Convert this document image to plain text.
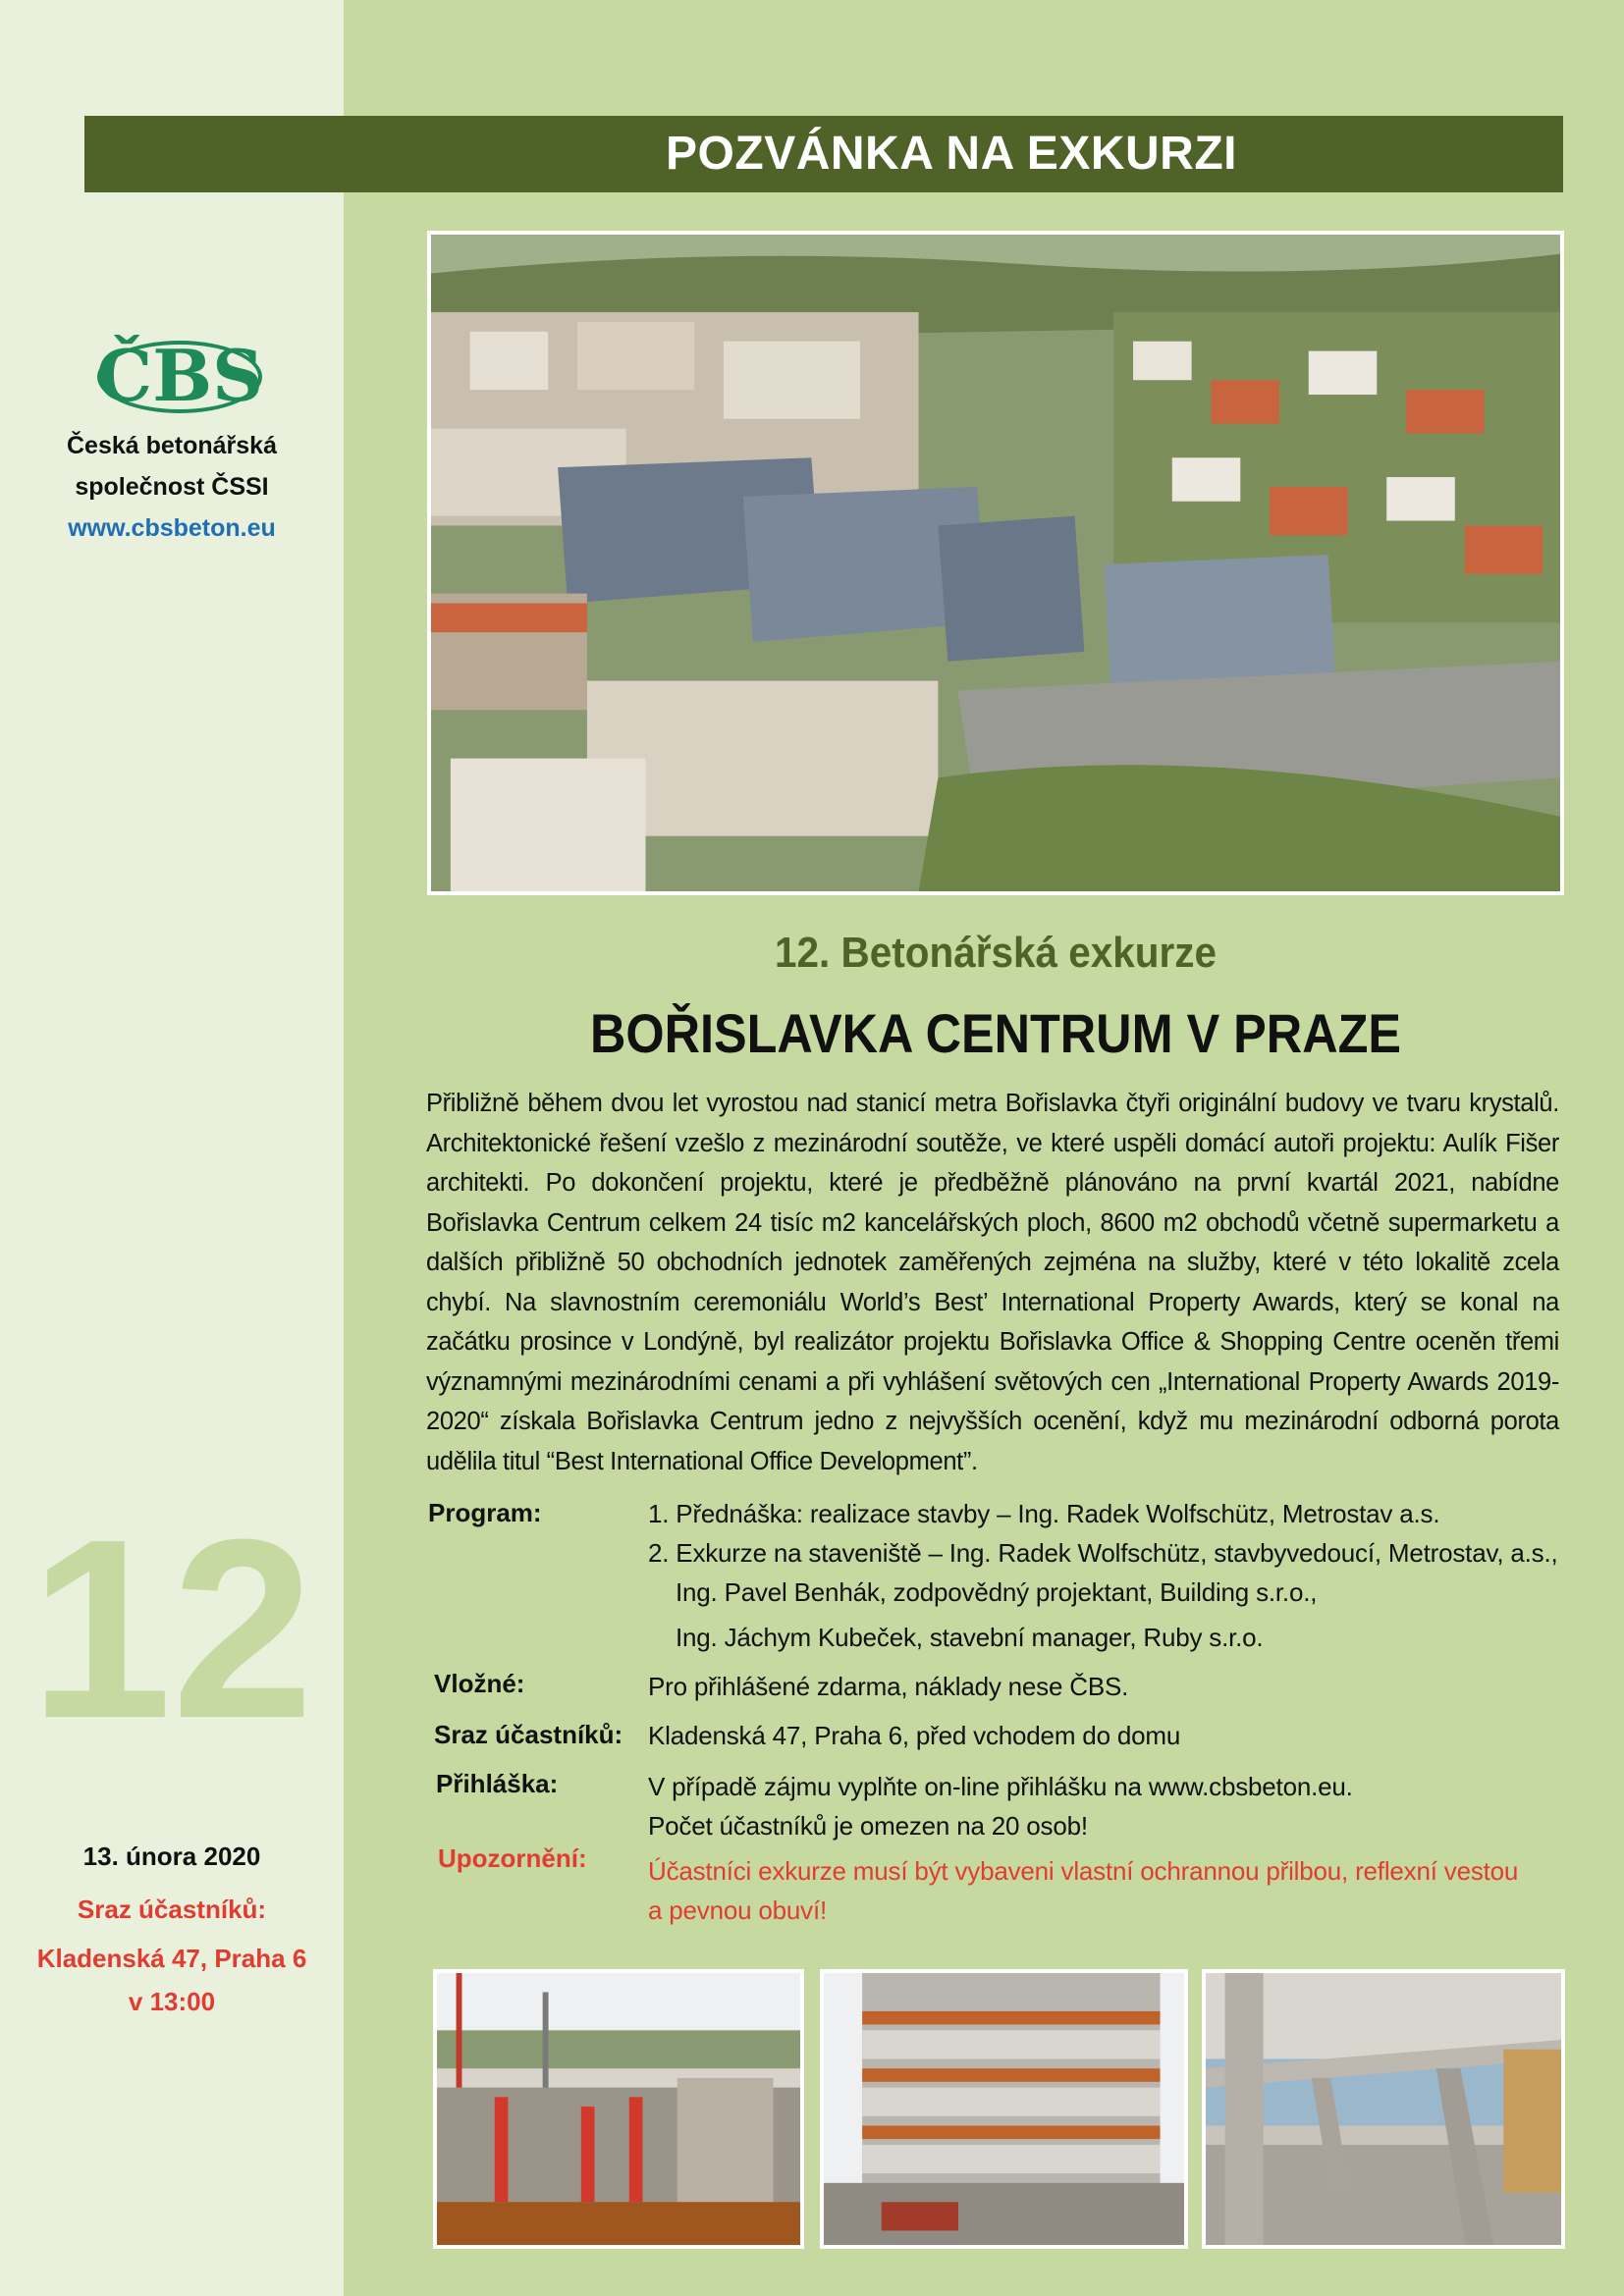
POZVÁNKA NA EXKURZI
ČBS
Česká betonářská
společnost ČSSI
www.cbsbeton.eu
12
13. února 2020
Sraz účastníků:
Kladenská 47, Praha 6
v 13:00
12. Betonářská exkurze
BOŘISLAVKA CENTRUM V PRAZE
Přibližně během dvou let vyrostou nad stanicí metra Bořislavka čtyři originální budovy ve tvaru krystalů. Architektonické řešení vzešlo z mezinárodní soutěže, ve které uspěli domácí autoři projektu: Aulík Fišer architekti. Po dokončení projektu, které je předběžně plánováno na první kvartál 2021, nabídne Bořislavka Centrum celkem 24 tisíc m2 kancelářských ploch, 8600 m2 obchodů včetně supermarketu a dalších přibližně 50 obchodních jednotek zaměřených zejména na služby, které v této lokalitě zcela chybí. Na slavnostním ceremoniálu World’s Best’ International Property Awards, který se konal na začátku prosince v Londýně, byl realizátor projektu Bořislavka Office & Shopping Centre oceněn třemi významnými mezinárodními cenami a při vyhlášení světových cen „International Property Awards 2019-2020“ získala Bořislavka Centrum jedno z nejvyšších ocenění, když mu mezinárodní odborná porota udělila titul “Best International Office Development”.
Program:	1. Přednáška: realizace stavby – Ing. Radek Wolfschütz, Metrostav a.s.
2. Exkurze na staveniště – Ing. Radek Wolfschütz, stavbyvedoucí, Metrostav, a.s.,
Ing. Pavel Benhák, zodpovědný projektant, Building s.r.o.,
Ing. Jáchym Kubeček, stavební manager, Ruby s.r.o.
Vložné:	Pro přihlášené zdarma, náklady nese ČBS.
Sraz účastníků: Kladenská 47, Praha 6, před vchodem do domu
Přihláška:	V případě zájmu vyplňte on-line přihlášku na www.cbsbeton.eu.
Počet účastníků je omezen na 20 osob!
Upozornění: Účastníci exkurze musí být vybaveni vlastní ochrannou přilbou, reflexní vestou
a pevnou obuví!
